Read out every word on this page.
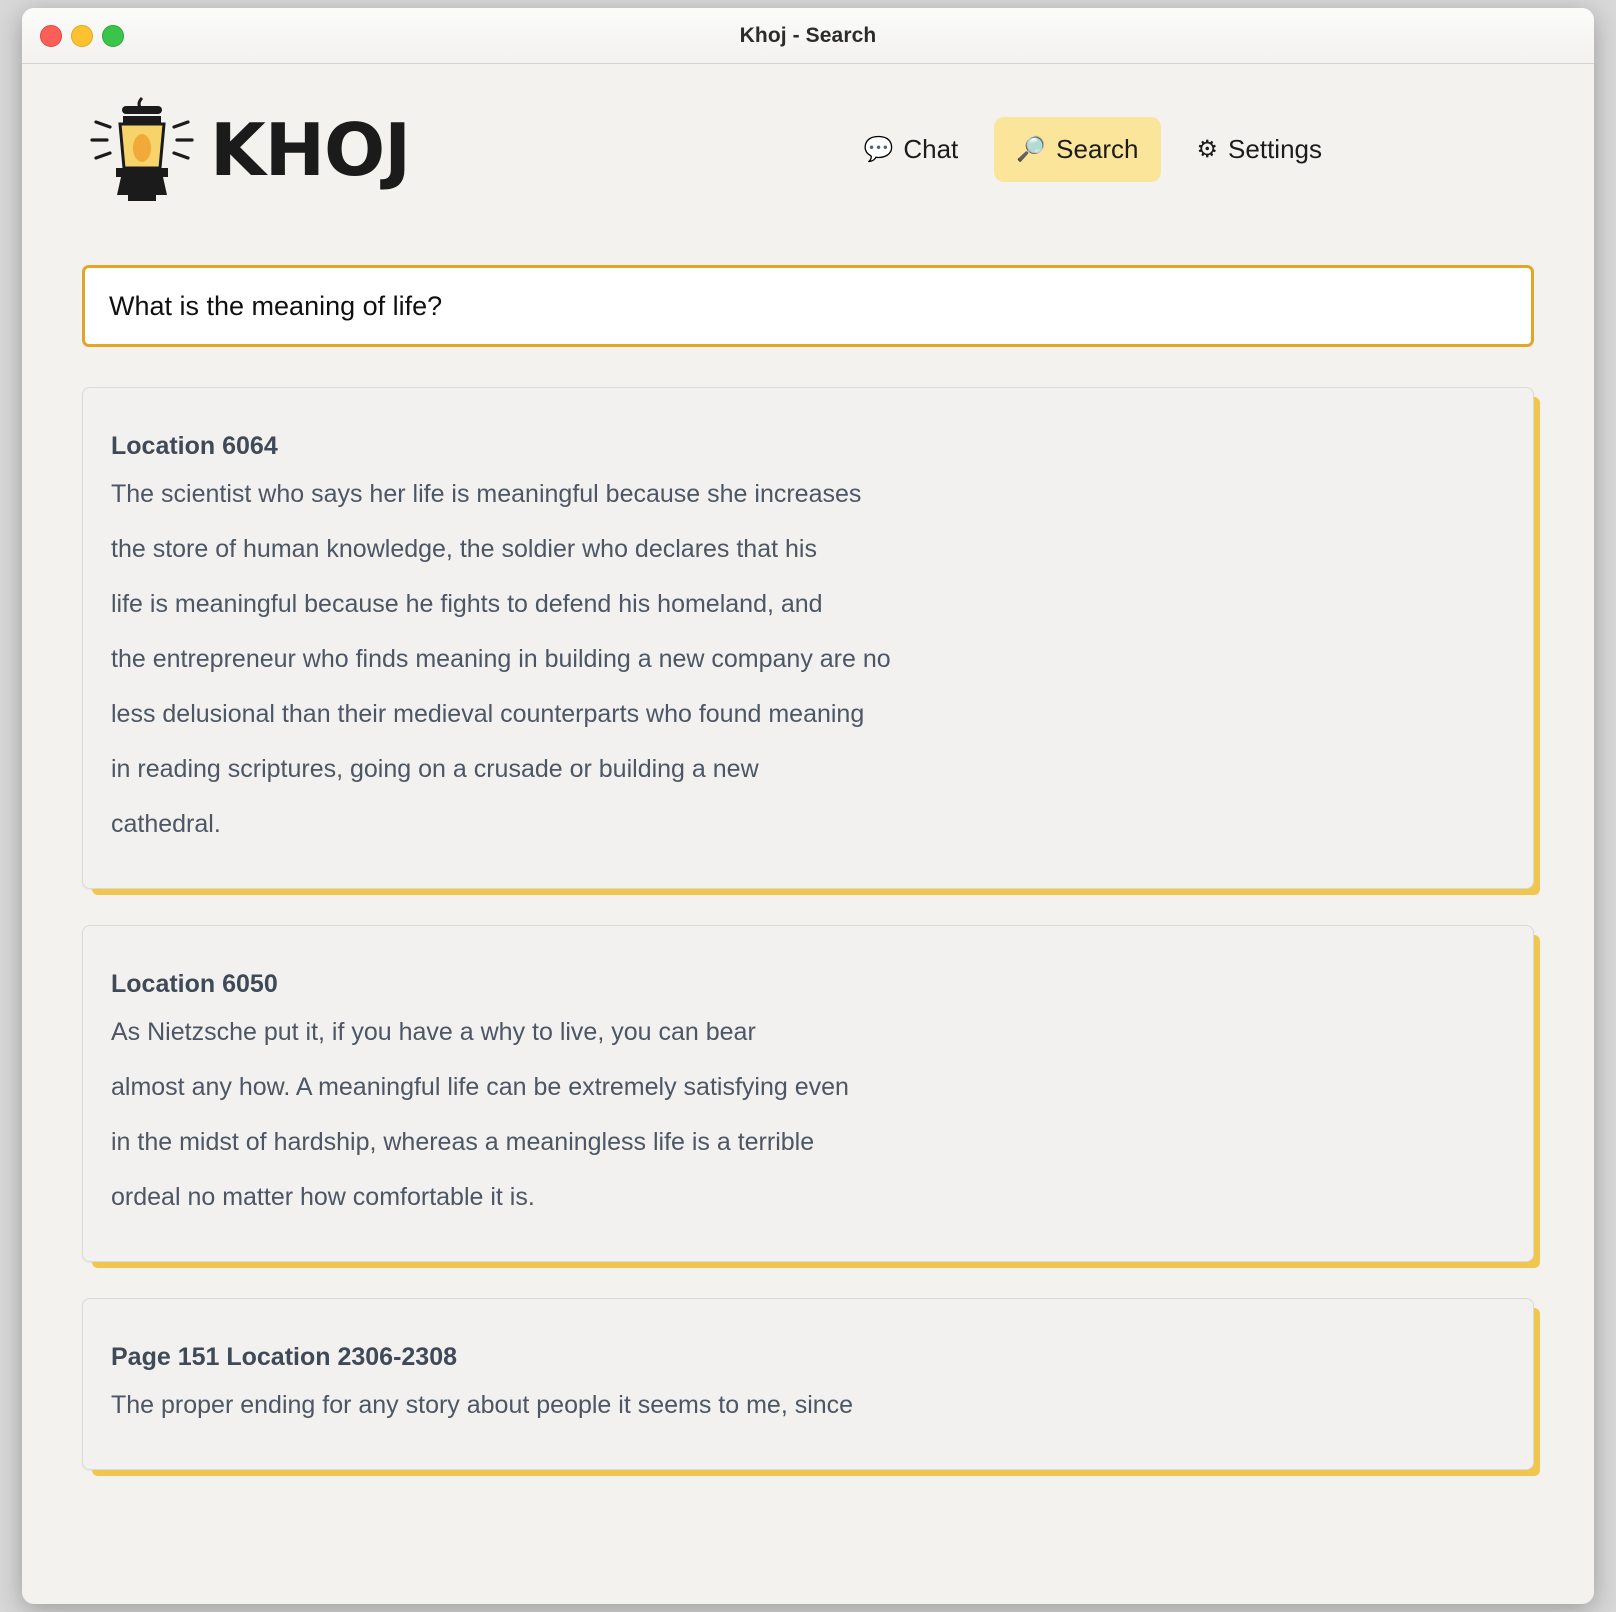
Khoj - Search
KHOJ	💬 Chat 🔎 Search ⚙ Settings
What is the meaning of life?
Location 6064

The scientist who says her life is meaningful because she increases

the store of human knowledge, the soldier who declares that his

life is meaningful because he fights to defend his homeland, and

the entrepreneur who finds meaning in building a new company are no

less delusional than their medieval counterparts who found meaning

in reading scriptures, going on a crusade or building a new

cathedral.

Location 6050

As Nietzsche put it, if you have a why to live, you can bear

almost any how. A meaningful life can be extremely satisfying even

in the midst of hardship, whereas a meaningless life is a terrible

ordeal no matter how comfortable it is.

Page 151 Location 2306-2308

The proper ending for any story about people it seems to me, since
